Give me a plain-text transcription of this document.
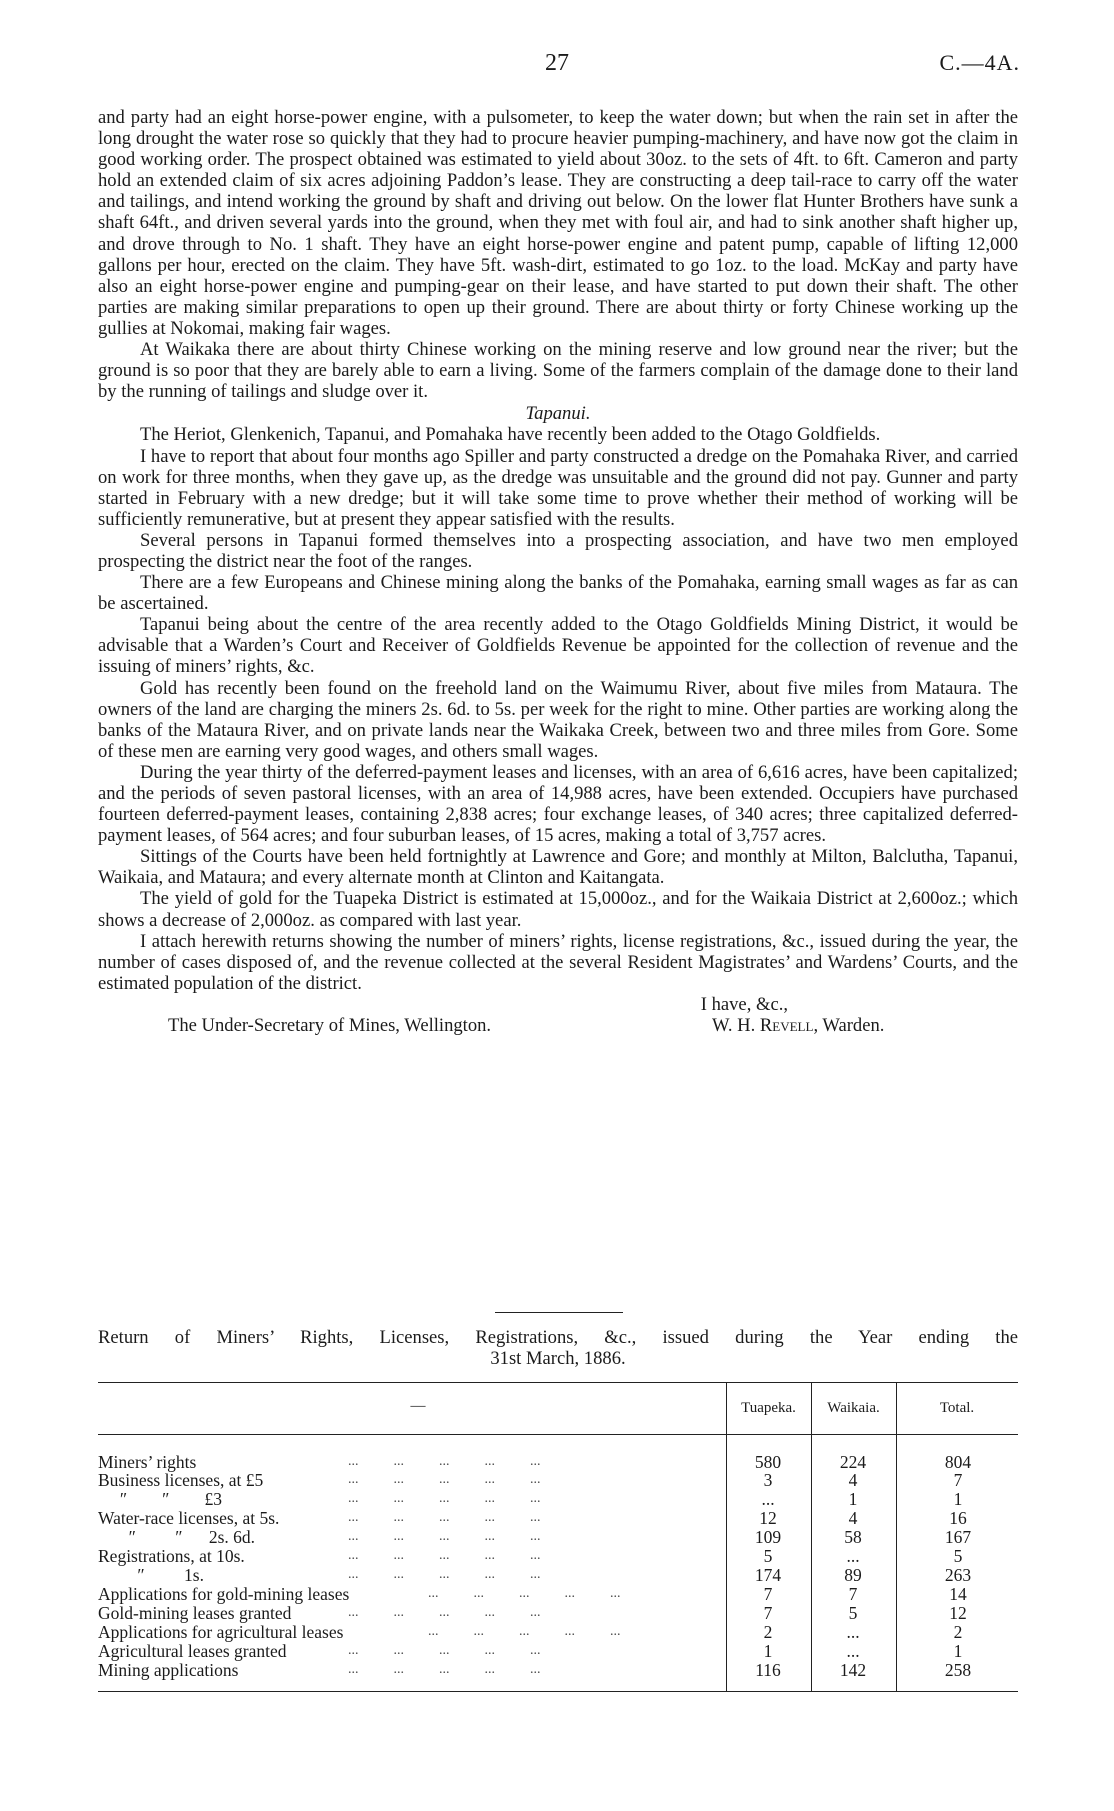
27	C.—4A.

and party had an eight horse-power engine, with a pulsometer, to keep the water down; but when the rain set in after the long drought the water rose so quickly that they had to procure heavier pumping-machinery, and have now got the claim in good working order. The prospect obtained was estimated to yield about 30oz. to the sets of 4ft. to 6ft. Cameron and party hold an extended claim of six acres adjoining Paddon’s lease. They are constructing a deep tail-race to carry off the water and tailings, and intend working the ground by shaft and driving out below. On the lower flat Hunter Brothers have sunk a shaft 64ft., and driven several yards into the ground, when they met with foul air, and had to sink another shaft higher up, and drove through to No. 1 shaft. They have an eight horse-power engine and patent pump, capable of lifting 12,000 gallons per hour, erected on the claim. They have 5ft. wash-dirt, estimated to go 1oz. to the load. McKay and party have also an eight horse-power engine and pumping-gear on their lease, and have started to put down their shaft. The other parties are making similar preparations to open up their ground. There are about thirty or forty Chinese working up the gullies at Nokomai, making fair wages.

At Waikaka there are about thirty Chinese working on the mining reserve and low ground near the river; but the ground is so poor that they are barely able to earn a living. Some of the farmers complain of the damage done to their land by the running of tailings and sludge over it.

Tapanui.

The Heriot, Glenkenich, Tapanui, and Pomahaka have recently been added to the Otago Goldfields.

I have to report that about four months ago Spiller and party constructed a dredge on the Pomahaka River, and carried on work for three months, when they gave up, as the dredge was unsuitable and the ground did not pay. Gunner and party started in February with a new dredge; but it will take some time to prove whether their method of working will be sufficiently remunerative, but at present they appear satisfied with the results.

Several persons in Tapanui formed themselves into a prospecting association, and have two men employed prospecting the district near the foot of the ranges.

There are a few Europeans and Chinese mining along the banks of the Pomahaka, earning small wages as far as can be ascertained.

Tapanui being about the centre of the area recently added to the Otago Goldfields Mining District, it would be advisable that a Warden’s Court and Receiver of Goldfields Revenue be appointed for the collection of revenue and the issuing of miners’ rights, &c.

Gold has recently been found on the freehold land on the Waimumu River, about five miles from Mataura. The owners of the land are charging the miners 2s. 6d. to 5s. per week for the right to mine. Other parties are working along the banks of the Mataura River, and on private lands near the Waikaka Creek, between two and three miles from Gore. Some of these men are earning very good wages, and others small wages.

During the year thirty of the deferred-payment leases and licenses, with an area of 6,616 acres, have been capitalized; and the periods of seven pastoral licenses, with an area of 14,988 acres, have been extended. Occupiers have purchased fourteen deferred-payment leases, containing 2,838 acres; four exchange leases, of 340 acres; three capitalized deferred-payment leases, of 564 acres; and four suburban leases, of 15 acres, making a total of 3,757 acres.

Sittings of the Courts have been held fortnightly at Lawrence and Gore; and monthly at Milton, Balclutha, Tapanui, Waikaia, and Mataura; and every alternate month at Clinton and Kaitangata.

The yield of gold for the Tuapeka District is estimated at 15,000oz., and for the Waikaia District at 2,600oz.; which shows a decrease of 2,000oz. as compared with last year.

I attach herewith returns showing the number of miners’ rights, license registrations, &c., issued during the year, the number of cases disposed of, and the revenue collected at the several Resident Magistrates’ and Wardens’ Courts, and the estimated population of the district.

I have, &c.,
The Under-Secretary of Mines, Wellington.	W. H. Revell, Warden.
Return of Miners’ Rights, Licenses, Registrations, &c., issued during the Year ending the
31st March, 1886.
—	Tuapeka.	Waikaia.	Total.
Miners’ rights	...          ...          ...          ...          ...	580	224	804
Business licenses, at £5	...          ...          ...          ...          ...	3	4	7
″        ″        £3	...          ...          ...          ...          ...	...	1	1
Water-race licenses, at 5s.	...          ...          ...          ...          ...	12	4	16
″         ″      2s. 6d.	...          ...          ...          ...          ...	109	58	167
Registrations, at 10s.	...          ...          ...          ...          ...	5	...	5
″         1s.	...          ...          ...          ...          ...	174	89	263
Applications for gold-mining leases	...          ...          ...          ...          ...	7	7	14
Gold-mining leases granted	...          ...          ...          ...          ...	7	5	12
Applications for agricultural leases	...          ...          ...          ...          ...	2	...	2
Agricultural leases granted	...          ...          ...          ...          ...	1	...	1
Mining applications	...          ...          ...          ...          ...	116	142	258
